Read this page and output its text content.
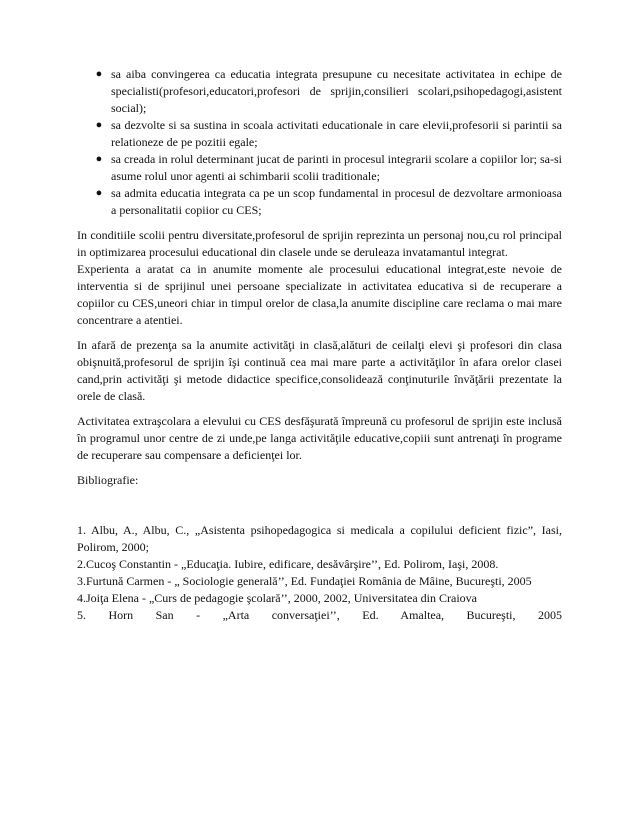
● sa aiba convingerea ca educatia integrata presupune cu necesitate activitatea in echipe de specialisti(profesori,educatori,profesori de sprijin,consilieri scolari,psihopedagogi,asistent social);
● sa dezvolte si sa sustina in scoala activitati educationale in care elevii,profesorii si parintii sa relationeze de pe pozitii egale;
● sa creada in rolul determinant jucat de parinti in procesul integrarii scolare a copiilor lor; sa-si asume rolul unor agenti ai schimbarii scolii traditionale;
● sa admita educatia integrata ca pe un scop fundamental in procesul de dezvoltare armonioasa a personalitatii copiior cu CES;

In conditiile scolii pentru diversitate,profesorul de sprijin reprezinta un personaj nou,cu rol principal in optimizarea procesului educational din clasele unde se deruleaza invatamantul integrat.

Experienta a aratat ca in anumite momente ale procesului educational integrat,este nevoie de interventia si de sprijinul unei persoane specializate in activitatea educativa si de recuperare a copiilor cu CES,uneori chiar in timpul orelor de clasa,la anumite discipline care reclama o mai mare concentrare a atentiei.

In afară de prezenţa sa la anumite activităţi in clasă,alături de ceilalţi elevi şi profesori din clasa obişnuită,profesorul de sprijin îşi continuă cea mai mare parte a activităţilor în afara orelor clasei cand,prin activităţi şi metode didactice specifice,consolidează conţinuturile învăţării prezentate la orele de clasă.

Activitatea extraşcolara a elevului cu CES desfăşurată împreună cu profesorul de sprijin este inclusă în programul unor centre de zi unde,pe langa activităţile educative,copiii sunt antrenaţi în programe de recuperare sau compensare a deficienţei lor.

Bibliografie:

1. Albu, A., Albu, C., „Asistenta psihopedagogica si medicala a copilului deficient fizic”, Iasi, Polirom, 2000;
2.Cucoş Constantin - „Educaţia. Iubire, edificare, desăvârşire’’, Ed. Polirom, Iaşi, 2008.
3.Furtună Carmen - „ Sociologie generală’’, Ed. Fundaţiei România de Mâine, Bucureşti, 2005
4.Joiţa Elena - „Curs de pedagogie şcolară’’, 2000, 2002, Universitatea din Craiova
5. Horn San - „Arta conversaţiei’’, Ed. Amaltea, Bucureşti, 2005
